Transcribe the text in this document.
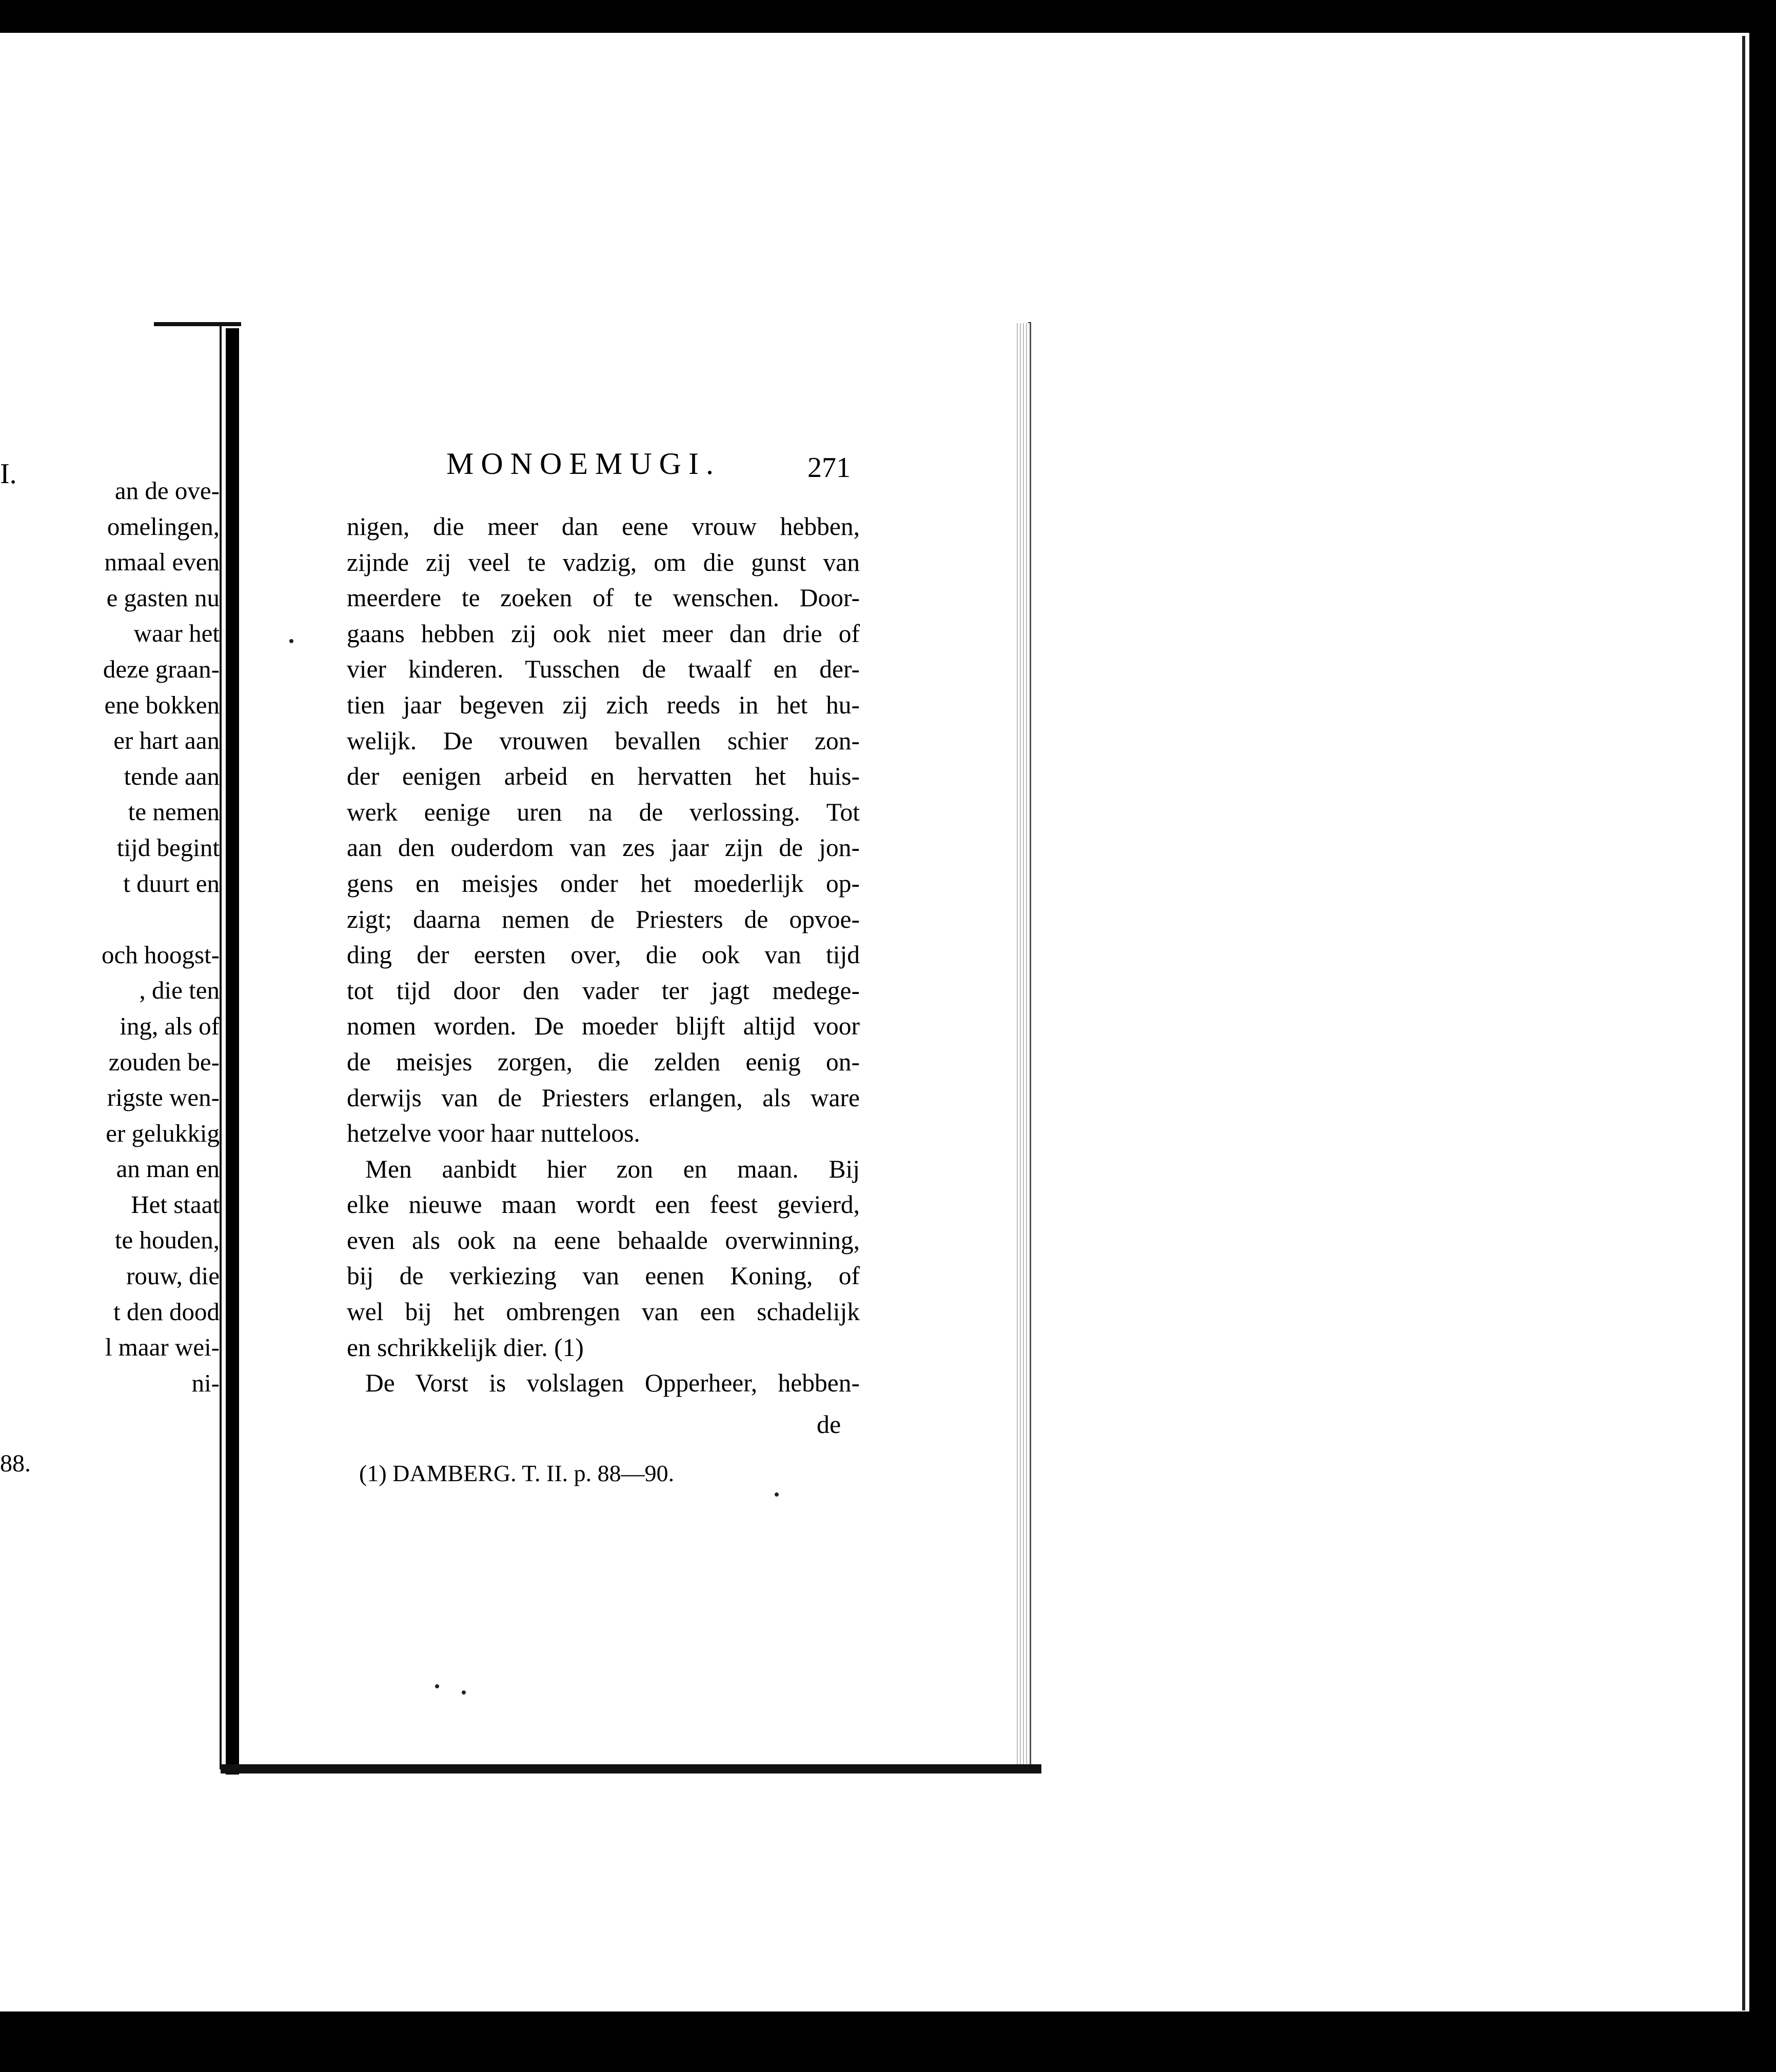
I.
an de ove-
omelingen,
nmaal even
e gasten nu
waar het
deze graan-
ene bokken
er hart aan
tende aan
te nemen
tijd begint
t duurt en
och hoogst-
, die ten
ing, als of
zouden be-
rigste wen-
er gelukkig
an man en
Het staat
te houden,
rouw, die
t den dood
l maar wei-
ni-
88.
MONOEMUGI.	271
nigen, die meer dan eene vrouw hebben,
zijnde zij veel te vadzig, om die gunst van
meerdere te zoeken of te wenschen. Door-
gaans hebben zij ook niet meer dan drie of
vier kinderen. Tusschen de twaalf en der-
tien jaar begeven zij zich reeds in het hu-
welijk. De vrouwen bevallen schier zon-
der eenigen arbeid en hervatten het huis-
werk eenige uren na de verlossing. Tot
aan den ouderdom van zes jaar zijn de jon-
gens en meisjes onder het moederlijk op-
zigt; daarna nemen de Priesters de opvoe-
ding der eersten over, die ook van tijd
tot tijd door den vader ter jagt medege-
nomen worden. De moeder blijft altijd voor
de meisjes zorgen, die zelden eenig on-
derwijs van de Priesters erlangen, als ware
hetzelve voor haar nutteloos.
Men aanbidt hier zon en maan. Bij
elke nieuwe maan wordt een feest gevierd,
even als ook na eene behaalde overwinning,
bij de verkiezing van eenen Koning, of
wel bij het ombrengen van een schadelijk
en schrikkelijk dier. (1)
De Vorst is volslagen Opperheer, hebben-
de
(1) DAMBERG. T. II. p. 88—90.
